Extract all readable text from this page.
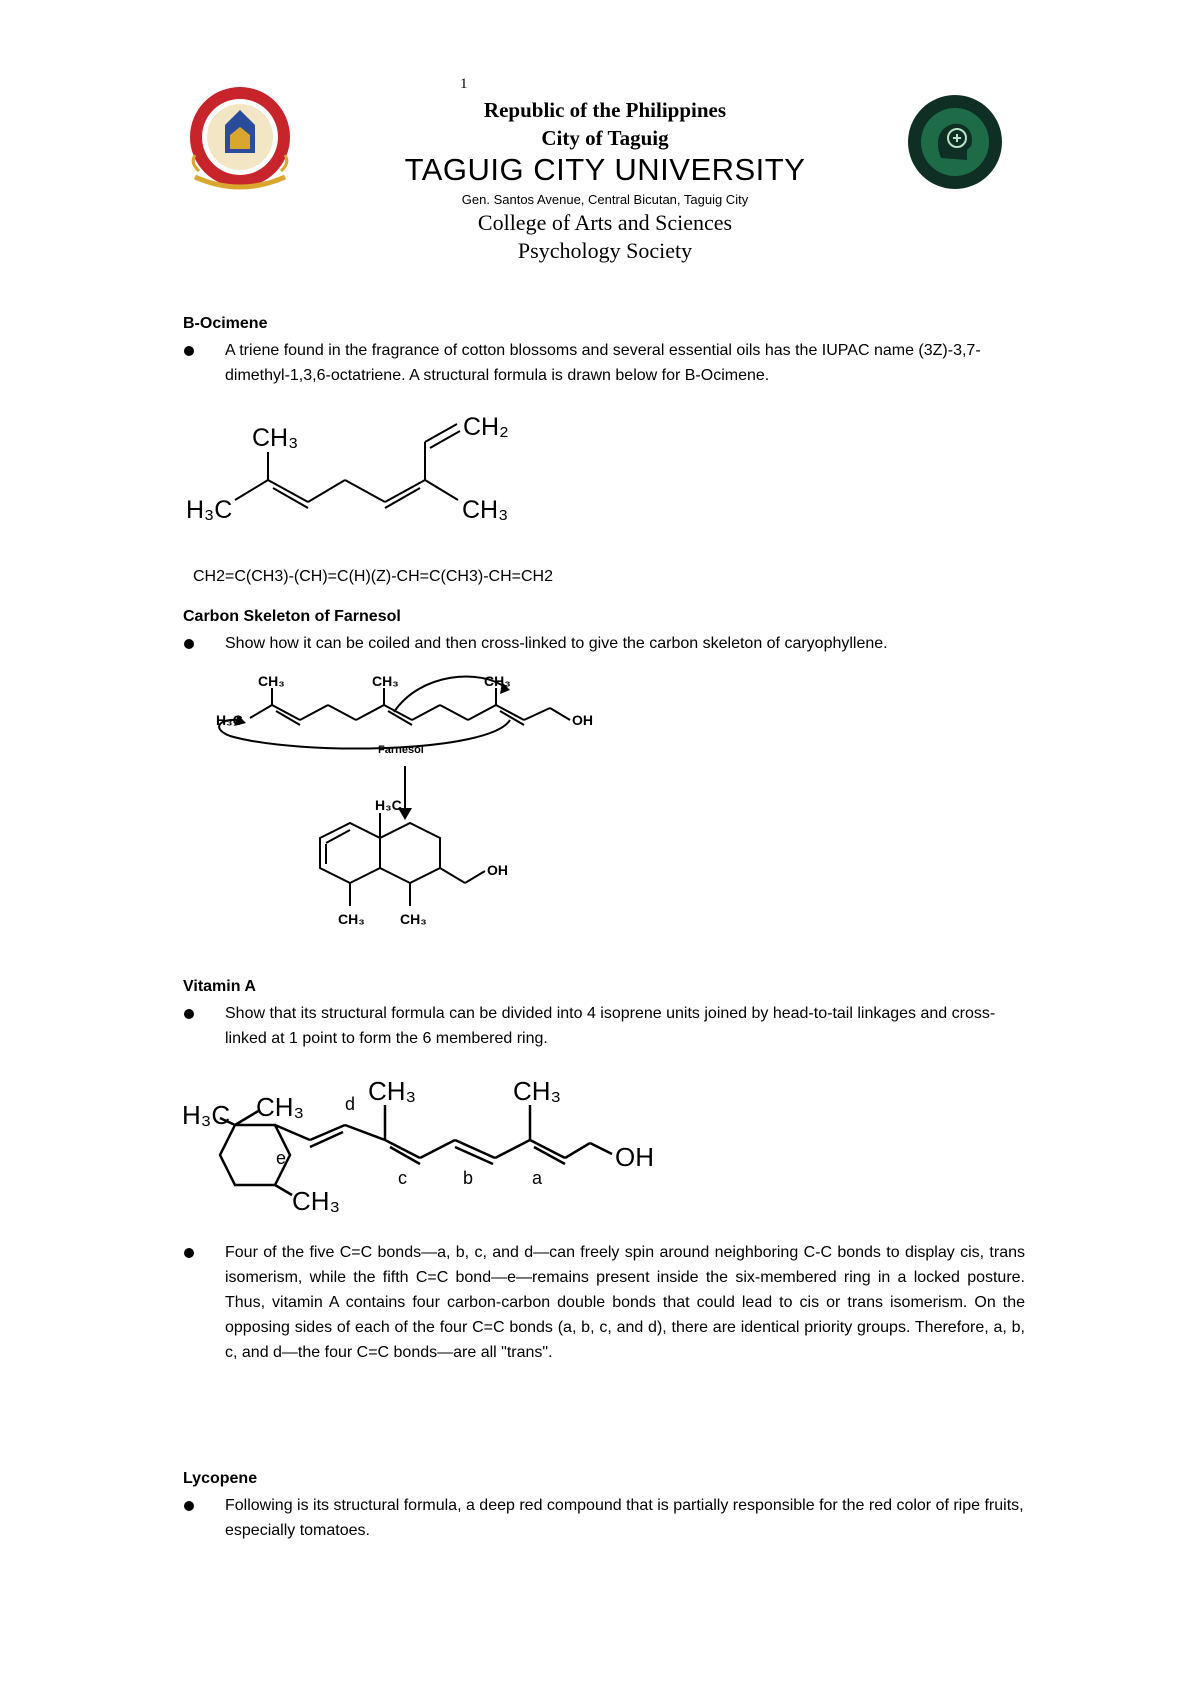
1
Republic of the Philippines
City of Taguig
TAGUIG CITY UNIVERSITY
Gen. Santos Avenue, Central Bicutan, Taguig City
College of Arts and Sciences
Psychology Society
B-Ocimene
A triene found in the fragrance of cotton blossoms and several essential oils has the IUPAC name (3Z)-3,7-dimethyl-1,3,6-octatriene. A structural formula is drawn below for B-Ocimene.
CH₃
H₃C
CH₂
CH₃
CH2=C(CH3)-(CH)=C(H)(Z)-CH=C(CH3)-CH=CH2
Carbon Skeleton of Farnesol
Show how it can be coiled and then cross-linked to give the carbon skeleton of caryophyllene.
CH₃	CH₃	CH₃
H₃C	OH
Farnesol
H₃C
OH
CH₃	CH₃
Vitamin A
Show that its structural formula can be divided into 4 isoprene units joined by head-to-tail linkages and cross-linked at 1 point to form the 6 membered ring.
H₃C CH₃
CH₃	CH₃
CH₃
OH
d
c	b	a
e
Four of the five C=C bonds—a, b, c, and d—can freely spin around neighboring C-C bonds to display cis, trans isomerism, while the fifth C=C bond—e—remains present inside the six-membered ring in a locked posture. Thus, vitamin A contains four carbon-carbon double bonds that could lead to cis or trans isomerism. On the opposing sides of each of the four C=C bonds (a, b, c, and d), there are identical priority groups. Therefore, a, b, c, and d—the four C=C bonds—are all "trans".
Lycopene
Following is its structural formula, a deep red compound that is partially responsible for the red color of ripe fruits, especially tomatoes.
